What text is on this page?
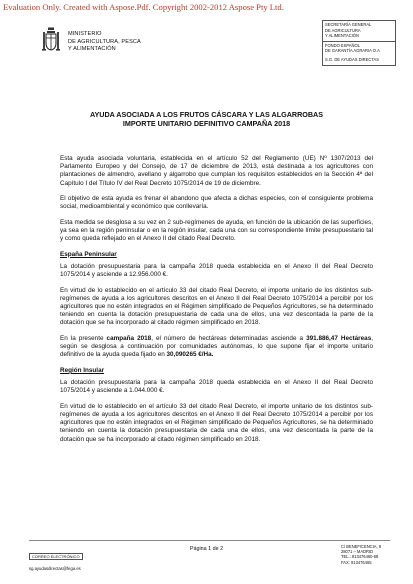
Evaluation Only. Created with Aspose.Pdf. Copyright 2002-2012 Aspose Pty Ltd.
MINISTERIO
DE AGRICULTURA, PESCA
Y ALIMENTACIÓN
SECRETARÍA GENERAL
DE AGRICULTURA
Y ALIMENTACIÓN
FONDO ESPAÑOL
DE GARANTÍA AGRARIA O.A
S.G. DE AYUDAS DIRECTAS
AYUDA ASOCIADA A LOS FRUTOS CÁSCARA Y LAS ALGARROBAS
IMPORTE UNITARIO DEFINITIVO CAMPAÑA 2018

Esta ayuda asociada voluntaria, establecida en el artículo 52 del Reglamento (UE) Nº 1307/2013 del Parlamento Europeo y del Consejo, de 17 de diciembre de 2013, está destinada a los agricultores con plantaciones de almendro, avellano y algarrobo que cumplan los requisitos establecidos en la Sección 4ª del Capítulo I del Título IV del Real Decreto 1075/2014 de 19 de diciembre.

El objetivo de esta ayuda es frenar el abandono que afecta a dichas especies, con el consiguiente problema social, medioambiental y económico que conllevaría.

Esta medida se desglosa a su vez en 2 sub-regímenes de ayuda, en función de la ubicación de las superficies, ya sea en la región peninsular o en la región insular, cada una con su correspondiente límite presupuestario tal y como queda reflejado en el Anexo II del citado Real Decreto.

España Peninsular

La dotación presupuestaria para la campaña 2018 queda establecida en el Anexo II del Real Decreto 1075/2014 y asciende a 12.956.000 €.

En virtud de lo establecido en el artículo 33 del citado Real Decreto, el importe unitario de los distintos sub-regímenes de ayuda a los agricultores descritos en el Anexo II del Real Decreto 1075/2014 a percibir por los agricultores que no estén integrados en el Régimen simplificado de Pequeños Agricultores, se ha determinado teniendo en cuenta la dotación presupuestaria de cada una de ellos, una vez descontada la parte de la dotación que se ha incorporado al citado régimen simplificado en 2018.

En la presente campaña 2018, el número de hectáreas determinadas asciende a 391.886,47 Hectáreas, según se desglosa a continuación por comunidades autónomas, lo que supone fijar el importe unitario definitivo de la ayuda queda fijado en 30,090265 €/Ha.

Región Insular

La dotación presupuestaria para la campaña 2018 queda establecida en el Anexo II del Real Decreto 1075/2014 y asciende a 1.044.000 €.

En virtud de lo establecido en el artículo 33 del citado Real Decreto, el importe unitario de los distintos sub-regímenes de ayuda a los agricultores descritos en el Anexo II del Real Decreto 1075/2014 a percibir por los agricultores que no estén integrados en el Régimen simplificado de Pequeños Agricultores, se ha determinado teniendo en cuenta la dotación presupuestaria de cada una de ellos, una vez descontada la parte de la dotación que se ha incorporado al citado régimen simplificado en 2018.

CORREO ELECTRÓNICO
sg.ayudasdirectas@fega.es
Página 1 de 2	C/ BENEFICENCIA, 8
28071 – MADRID
TEL.: 913476460-68
FAX: 913476465
